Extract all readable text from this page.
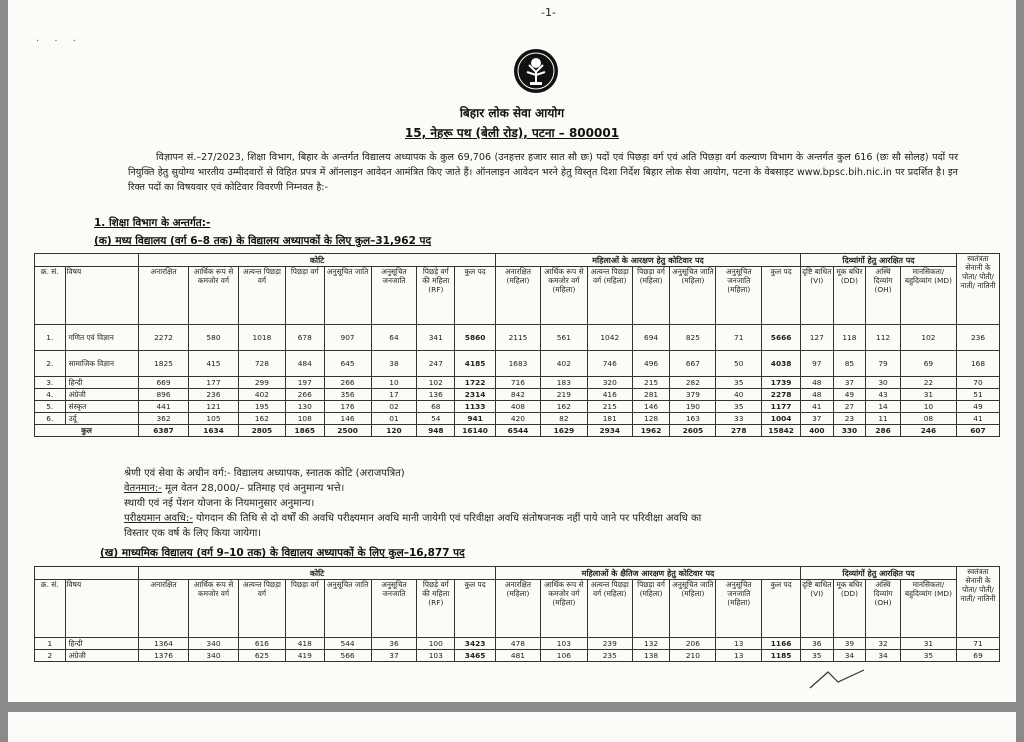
-1-
· · ·
बिहार लोक सेवा आयोग
15, नेहरू पथ (बेली रोड), पटना – 800001
विज्ञापन सं.–27/2023, शिक्षा विभाग, बिहार के अन्तर्गत विद्यालय अध्यापक के कुल 69,706 (उनहत्तर हजार सात सौ छः) पदों एवं पिछड़ा वर्ग एवं अति पिछड़ा वर्ग कल्याण विभाग के अन्तर्गत कुल 616 (छः सौ सोलह) पदों पर नियुक्ति हेतु सुयोग्य भारतीय उम्मीदवारों से विहित प्रपत्र में ऑनलाइन आवेदन आमंत्रित किए जाते हैं। ऑनलाइन आवेदन भरने हेतु विस्तृत दिशा निर्देश बिहार लोक सेवा आयोग, पटना के वेबसाइट www.bpsc.bih.nic.in पर प्रदर्शित है। इन रिक्त पदों का विषयवार एवं कोटिवार विवरणी निम्नवत है:-
1. शिक्षा विभाग के अन्तर्गत:-
(क) मध्य विद्यालय (वर्ग 6–8 तक) के विद्यालय अध्यापकों के लिए कुल–31,962 पद
		कोटि								महिलाओं के आरक्षण हेतु कोटिवार पद							दिव्यांगों हेतु आरक्षित पद				स्वतंत्रता सेनानी के पोता/ पोती/ नाती/ नातिनी
क्र. सं.	विषय	अनारक्षित	आर्थिक रूप से कमजोर वर्ग	अत्यन्त पिछड़ा वर्ग	पिछड़ा वर्ग	अनुसूचित जाति	अनुसूचित जनजाति	पिछड़े वर्ग की महिला (RF)	कुल पद	अनारक्षित (महिला)	आर्थिक रूप से कमजोर वर्ग (महिला)	अत्यन्त पिछड़ा वर्ग (महिला)	पिछड़ा वर्ग (महिला)	अनुसूचित जाति (महिला)	अनुसूचित जनजाति (महिला)	कुल पद	दृष्टि बाधित (VI)	मूक बधिर (DD)	अस्थि दिव्यांग (OH)	मानसिकता/ बहुदिव्यांग (MD)	
1.	गणित एवं विज्ञान	2272	580	1018	678	907	64	341	5860	2115	561	1042	694	825	71	5666	127	118	112	102	236
2.	सामाजिक विज्ञान	1825	415	728	484	645	38	247	4185	1683	402	746	496	667	50	4038	97	85	79	69	168
3.	हिन्दी	669	177	299	197	266	10	102	1722	716	183	320	215	282	35	1739	48	37	30	22	70
4.	अंग्रेजी	896	236	402	266	356	17	136	2314	842	219	416	281	379	40	2278	48	49	43	31	51
5.	संस्कृत	441	121	195	130	176	02	68	1133	408	162	215	146	190	35	1177	41	27	14	10	49
6.	उर्दू	362	105	162	108	146	01	54	941	420	82	181	128	163	33	1004	37	23	11	08	41
कुल		6387	1634	2805	1865	2500	120	948	16140	6544	1629	2934	1962	2605	278	15842	400	330	286	246	607
श्रेणी एवं सेवा के अधीन वर्ग:- विद्यालय अध्यापक, स्नातक कोटि (अराजपत्रित)
वेतनमान:- मूल वेतन 28,000/– प्रतिमाह एवं अनुमान्य भत्ते।
स्थायी एवं नई पेंशन योजना के नियमानुसार अनुमान्य।
परीक्ष्यमान अवधि:- योगदान की तिथि से दो वर्षों की अवधि परीक्ष्यमान अवधि मानी जायेगी एवं परिवीक्षा अवधि संतोषजनक नहीं पाये जाने पर परिवीक्षा अवधि का
विस्तार एक वर्ष के लिए किया जायेगा।
(ख) माध्यमिक विद्यालय (वर्ग 9–10 तक) के विद्यालय अध्यापकों के लिए कुल–16,877 पद
		कोटि								महिलाओं के क्षैतिज आरक्षण हेतु कोटिवार पद							दिव्यांगों हेतु आरक्षित पद				स्वतंत्रता सेनानी के पोता/ पोती/ नाती/ नातिनी
क्र. सं.	विषय	अनारक्षित	आर्थिक रूप से कमजोर वर्ग	अत्यन्त पिछड़ा वर्ग	पिछड़ा वर्ग	अनुसूचित जाति	अनुसूचित जनजाति	पिछड़े वर्ग की महिला (RF)	कुल पद	अनारक्षित (महिला)	आर्थिक रूप से कमजोर वर्ग (महिला)	अत्यन्त पिछड़ा वर्ग (महिला)	पिछड़ा वर्ग (महिला)	अनुसूचित जाति (महिला)	अनुसूचित जनजाति (महिला)	कुल पद	दृष्टि बाधित (VI)	मूक बधिर (DD)	अस्थि दिव्यांग (OH)	मानसिकता/ बहुदिव्यांग (MD)	
1	हिन्दी	1364	340	616	418	544	36	100	3423	478	103	239	132	206	13	1166	36	39	32	31	71
2	अंग्रेजी	1376	340	625	419	566	37	103	3465	481	106	235	138	210	13	1185	35	34	34	35	69
